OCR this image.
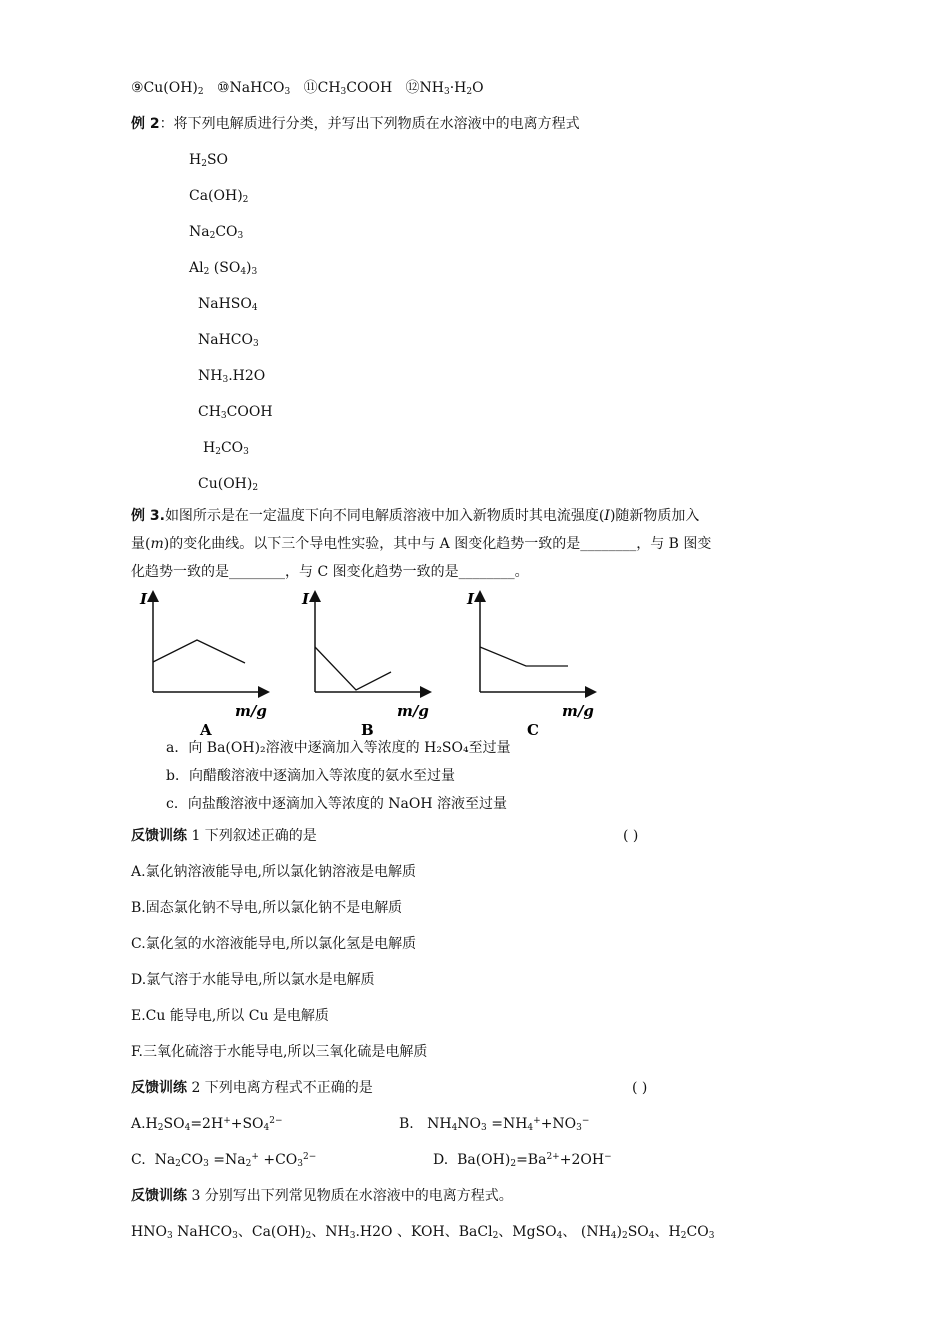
$⑨Cu(OH)_2$ ⑩NaHCO$_3$ $⑪CH_3COOH$ $⑫NH_3\cdot H_2O$
例 2：将下列电解质进行分类，并写出下列物质在水溶液中的电离方程式
$H_2SO$
$Ca(OH)_2$
$Na_2CO_3$
$Al_2$ $(SO_4)_3$
NaHSO$_4$
NaHCO$_3$
$NH_3.H2O$
$CH_3COOH$
$H_2CO_3$
$Cu(OH)_2$
例 3.如图所示是在一定温度下向不同电解质溶液中加入新物质时其电流强度(I)随新物质加入
量(m)的变化曲线。以下三个导电性实验，其中与 A 图变化趋势一致的是________，与 B 图变
化趋势一致的是________，与 C 图变化趋势一致的是________。
I
m/g
A
I
m/g
B
I
m/g
C
a．向 Ba(OH)₂溶液中逐滴加入等浓度的 H₂SO₄至过量
b．向醋酸溶液中逐滴加入等浓度的氨水至过量
c．向盐酸溶液中逐滴加入等浓度的 NaOH 溶液至过量
反馈训练 1 下列叙述正确的是	( )
A.氯化钠溶液能导电,所以氯化钠溶液是电解质
B.固态氯化钠不导电,所以氯化钠不是电解质
C.氯化氢的水溶液能导电,所以氯化氢是电解质
D.氯气溶于水能导电,所以氯水是电解质
E.Cu 能导电,所以 Cu 是电解质
F.三氧化硫溶于水能导电,所以三氧化硫是电解质
反馈训练 2 下列电离方程式不正确的是	( )
$A.H_2SO_4=2H^++SO_4^{2-}$	B.   $NH_4NO_3 =NH_4^++NO_3^-$
C.  $Na_2CO_3 =Na_2^+ +CO_3^{2-}$	D.  $Ba(OH)_2=Ba^{2+}+2OH^-$
反馈训练 3 分别写出下列常见物质在水溶液中的电离方程式。
$HNO_3$ NaHCO$_3$、$Ca(OH)_2$、$NH_3.H2O$ 、KOH、BaCl$_2$、MgSO$_4$、 $(NH_4)_2SO_4$、$H_2CO_3$
